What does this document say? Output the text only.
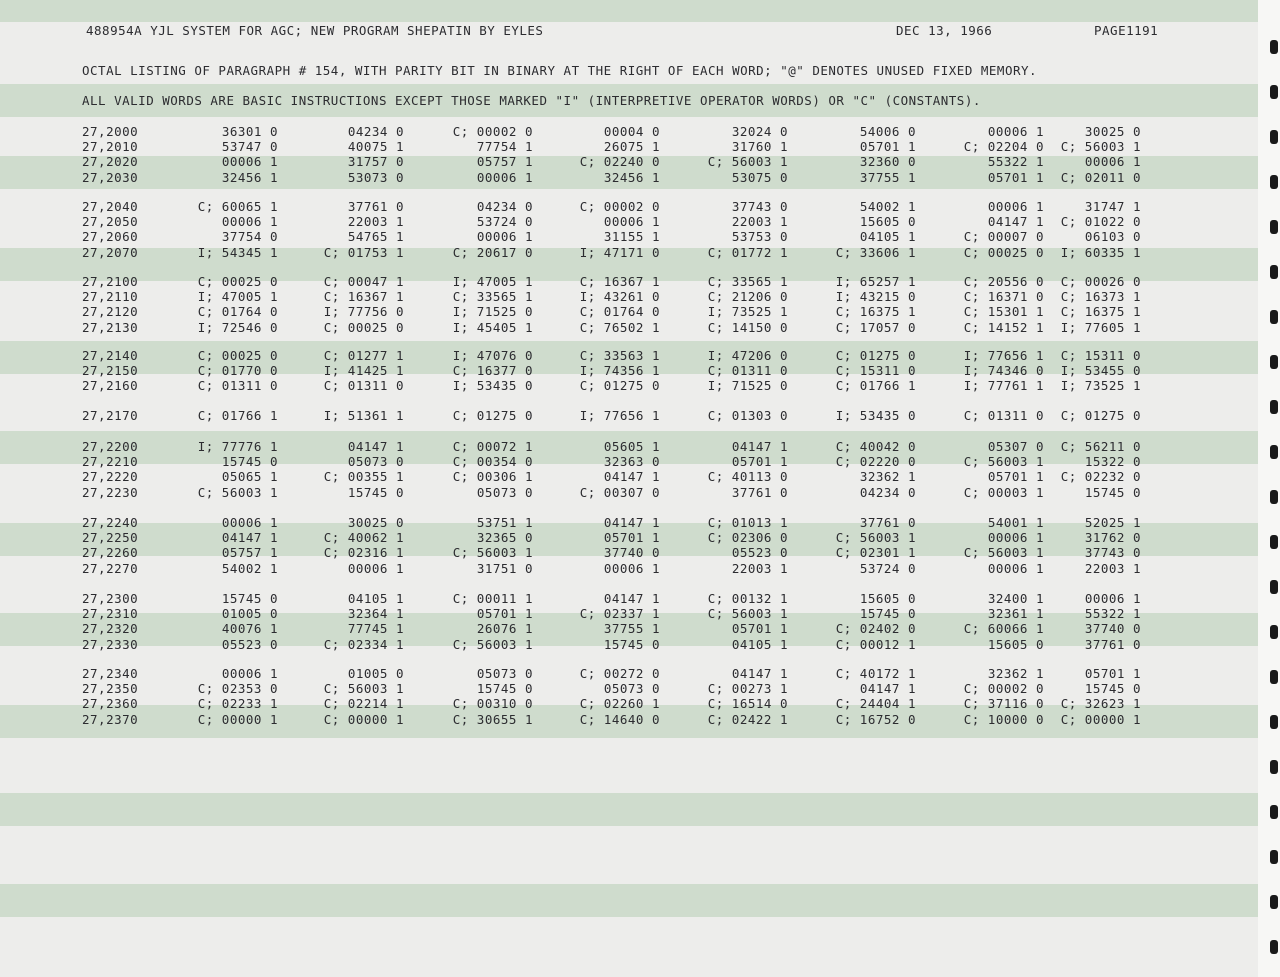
488954A YJL SYSTEM FOR AGC; NEW PROGRAM SHEPATIN BY EYLES	DEC 13, 1966	PAGE1191
OCTAL LISTING OF PARAGRAPH # 154, WITH PARITY BIT IN BINARY AT THE RIGHT OF EACH WORD; "@" DENOTES UNUSED FIXED MEMORY.
ALL VALID WORDS ARE BASIC INSTRUCTIONS EXCEPT THOSE MARKED "I" (INTERPRETIVE OPERATOR WORDS) OR "C" (CONSTANTS).
27,2000	36301 0	04234 0	C; 00002 0	00004 0	32024 0	54006 0	00006 1	30025 0
27,2010	53747 0	40075 1	77754 1	26075 1	31760 1	05701 1	C; 02204 0 C; 56003 1
27,2020	00006 1	31757 0	05757 1	C; 02240 0	C; 56003 1	32360 0	55322 1	00006 1
27,2030	32456 1	53073 0	00006 1	32456 1	53075 0	37755 1	05701 1 C; 02011 0
27,2040	C; 60065 1	37761 0	04234 0	C; 00002 0	37743 0	54002 1	00006 1	31747 1
27,2050	00006 1	22003 1	53724 0	00006 1	22003 1	15605 0	04147 1 C; 01022 0
27,2060	37754 0	54765 1	00006 1	31155 1	53753 0	04105 1	C; 00007 0	06103 0
27,2070	I; 54345 1	C; 01753 1	C; 20617 0	I; 47171 0	C; 01772 1	C; 33606 1	C; 00025 0 I; 60335 1
27,2100	C; 00025 0	C; 00047 1	I; 47005 1	C; 16367 1	C; 33565 1	I; 65257 1	C; 20556 0 C; 00026 0
27,2110	I; 47005 1	C; 16367 1	C; 33565 1	I; 43261 0	C; 21206 0	I; 43215 0	C; 16371 0 C; 16373 1
27,2120	C; 01764 0	I; 77756 0	I; 71525 0	C; 01764 0	I; 73525 1	C; 16375 1	C; 15301 1 C; 16375 1
27,2130	I; 72546 0	C; 00025 0	I; 45405 1	C; 76502 1	C; 14150 0	C; 17057 0	C; 14152 1 I; 77605 1
27,2140	C; 00025 0	C; 01277 1	I; 47076 0	C; 33563 1	I; 47206 0	C; 01275 0	I; 77656 1 C; 15311 0
27,2150	C; 01770 0	I; 41425 1	C; 16377 0	I; 74356 1	C; 01311 0	C; 15311 0	I; 74346 0 I; 53455 0
27,2160	C; 01311 0	C; 01311 0	I; 53435 0	C; 01275 0	I; 71525 0	C; 01766 1	I; 77761 1 I; 73525 1
27,2170	C; 01766 1	I; 51361 1	C; 01275 0	I; 77656 1	C; 01303 0	I; 53435 0	C; 01311 0 C; 01275 0
27,2200	I; 77776 1	04147 1	C; 00072 1	05605 1	04147 1	C; 40042 0	05307 0 C; 56211 0
27,2210	15745 0	05073 0	C; 00354 0	32363 0	05701 1	C; 02220 0	C; 56003 1	15322 0
27,2220	05065 1	C; 00355 1	C; 00306 1	04147 1	C; 40113 0	32362 1	05701 1 C; 02232 0
27,2230	C; 56003 1	15745 0	05073 0	C; 00307 0	37761 0	04234 0	C; 00003 1	15745 0
27,2240	00006 1	30025 0	53751 1	04147 1	C; 01013 1	37761 0	54001 1	52025 1
27,2250	04147 1	C; 40062 1	32365 0	05701 1	C; 02306 0	C; 56003 1	00006 1	31762 0
27,2260	05757 1	C; 02316 1	C; 56003 1	37740 0	05523 0	C; 02301 1	C; 56003 1	37743 0
27,2270	54002 1	00006 1	31751 0	00006 1	22003 1	53724 0	00006 1	22003 1
27,2300	15745 0	04105 1	C; 00011 1	04147 1	C; 00132 1	15605 0	32400 1	00006 1
27,2310	01005 0	32364 1	05701 1	C; 02337 1	C; 56003 1	15745 0	32361 1	55322 1
27,2320	40076 1	77745 1	26076 1	37755 1	05701 1	C; 02402 0	C; 60066 1	37740 0
27,2330	05523 0	C; 02334 1	C; 56003 1	15745 0	04105 1	C; 00012 1	15605 0	37761 0
27,2340	00006 1	01005 0	05073 0	C; 00272 0	04147 1	C; 40172 1	32362 1	05701 1
27,2350	C; 02353 0	C; 56003 1	15745 0	05073 0	C; 00273 1	04147 1	C; 00002 0	15745 0
27,2360	C; 02233 1	C; 02214 1	C; 00310 0	C; 02260 1	C; 16514 0	C; 24404 1	C; 37116 0 C; 32623 1
27,2370	C; 00000 1	C; 00000 1	C; 30655 1	C; 14640 0	C; 02422 1	C; 16752 0	C; 10000 0 C; 00000 1
